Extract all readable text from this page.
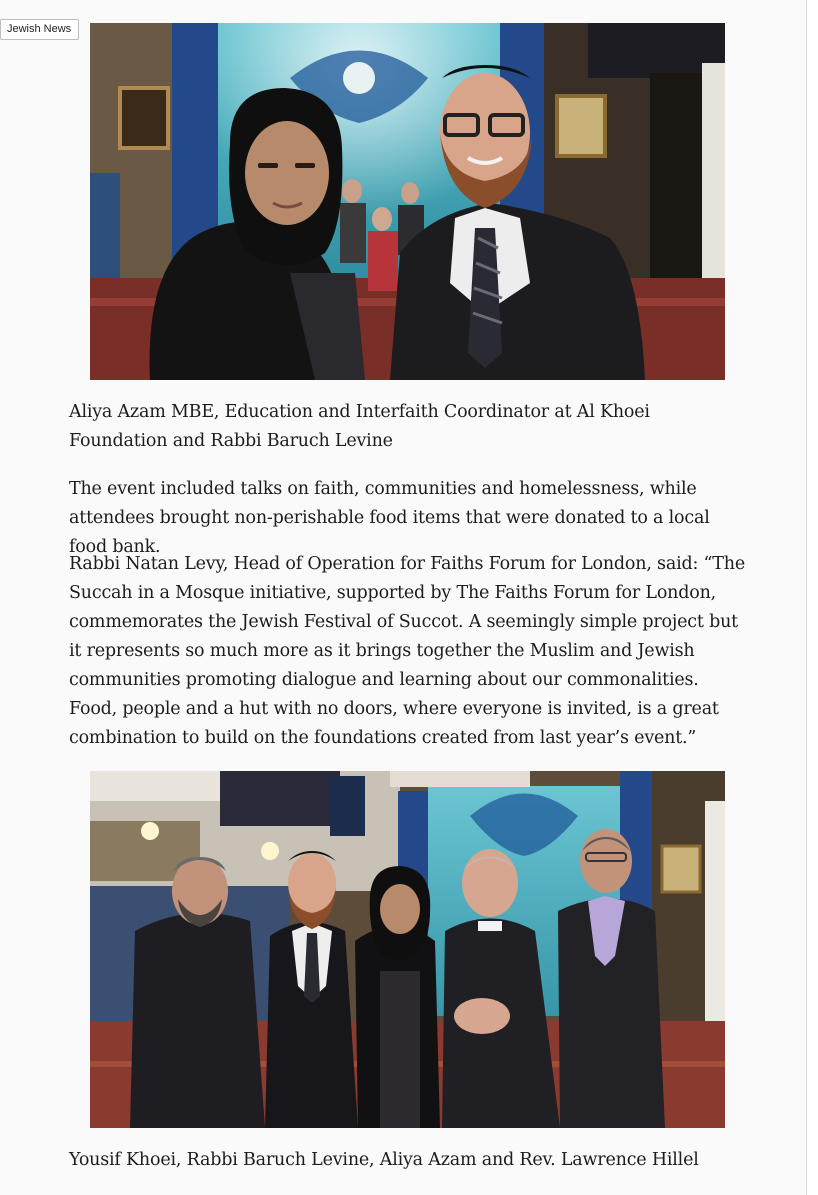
Jewish News

Aliya Azam MBE, Education and Interfaith Coordinator at Al Khoei Foundation and Rabbi Baruch Levine

The event included talks on faith, communities and homelessness, while attendees brought non-perishable food items that were donated to a local food bank.

Rabbi Natan Levy, Head of Operation for Faiths Forum for London, said: “The Succah in a Mosque initiative, supported by The Faiths Forum for London, commemorates the Jewish Festival of Succot. A seemingly simple project but it represents so much more as it brings together the Muslim and Jewish communities promoting dialogue and learning about our commonalities. Food, people and a hut with no doors, where everyone is invited, is a great combination to build on the foundations created from last year’s event.”

Yousif Khoei, Rabbi Baruch Levine, Aliya Azam and Rev. Lawrence Hillel
